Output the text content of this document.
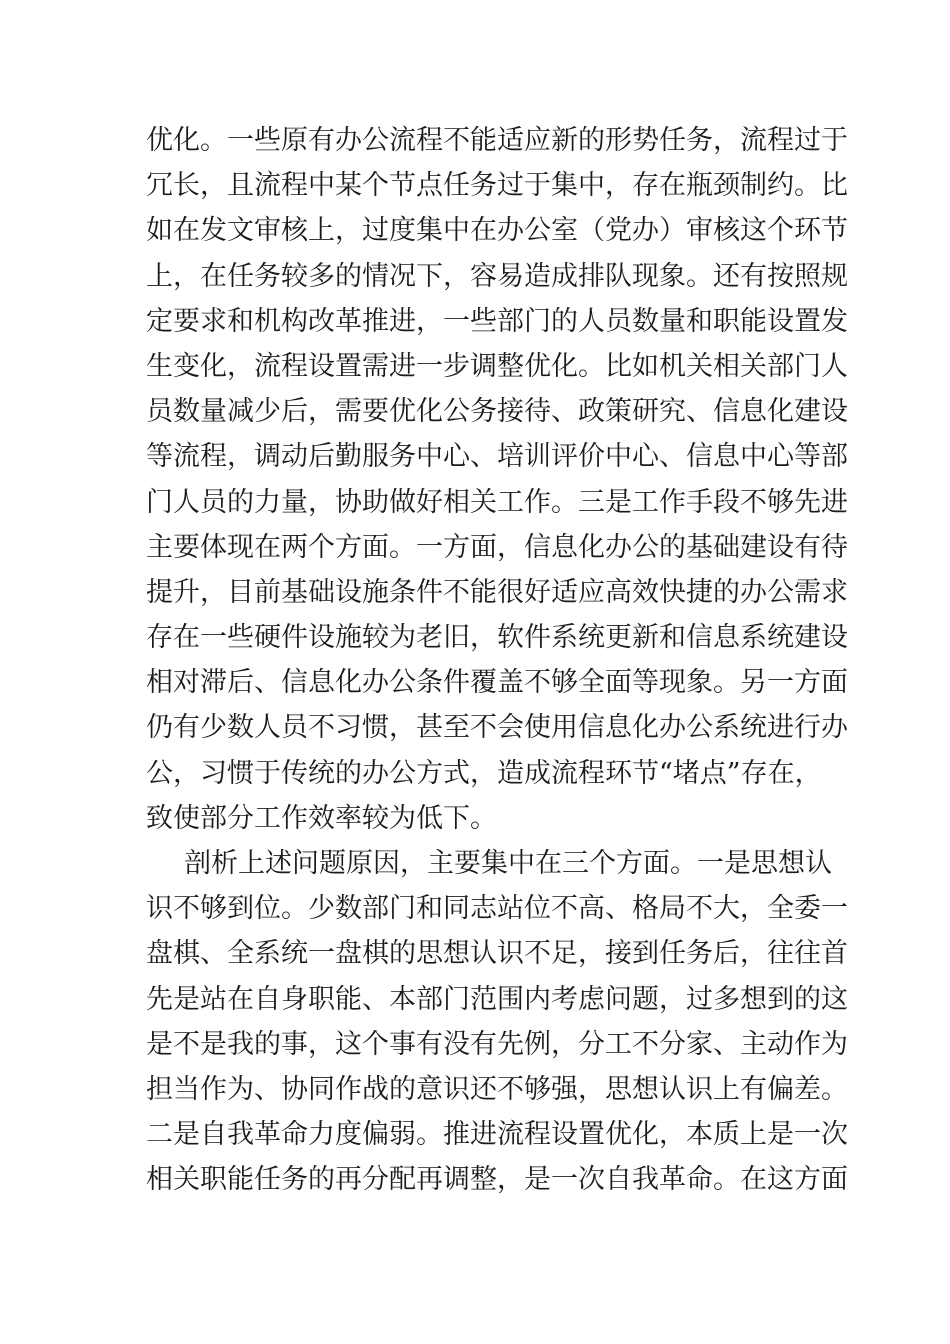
优化。一些原有办公流程不能适应新的形势任务，流程过于
冗长，且流程中某个节点任务过于集中，存在瓶颈制约。比
如在发文审核上，过度集中在办公室（党办）审核这个环节
上，在任务较多的情况下，容易造成排队现象。还有按照规
定要求和机构改革推进，一些部门的人员数量和职能设置发
生变化，流程设置需进一步调整优化。比如机关相关部门人
员数量减少后，需要优化公务接待、政策研究、信息化建设
等流程，调动后勤服务中心、培训评价中心、信息中心等部
门人员的力量，协助做好相关工作。三是工作手段不够先进
主要体现在两个方面。一方面，信息化办公的基础建设有待
提升，目前基础设施条件不能很好适应高效快捷的办公需求
存在一些硬件设施较为老旧，软件系统更新和信息系统建设
相对滞后、信息化办公条件覆盖不够全面等现象。另一方面
仍有少数人员不习惯，甚至不会使用信息化办公系统进行办
公，习惯于传统的办公方式，造成流程环节“堵点”存在，
致使部分工作效率较为低下。
剖析上述问题原因，主要集中在三个方面。一是思想认
识不够到位。少数部门和同志站位不高、格局不大，全委一
盘棋、全系统一盘棋的思想认识不足，接到任务后，往往首
先是站在自身职能、本部门范围内考虑问题，过多想到的这
是不是我的事，这个事有没有先例，分工不分家、主动作为
担当作为、协同作战的意识还不够强，思想认识上有偏差。
二是自我革命力度偏弱。推进流程设置优化，本质上是一次
相关职能任务的再分配再调整，是一次自我革命。在这方面
